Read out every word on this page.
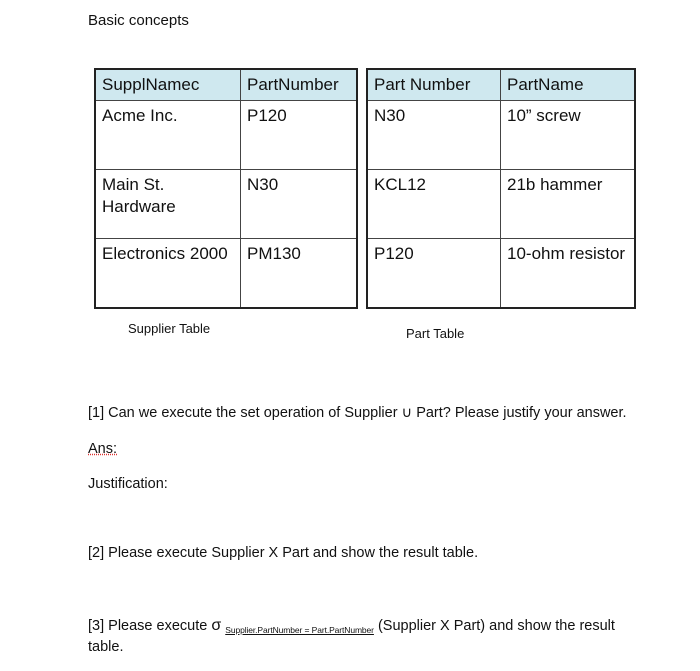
Basic concepts
SupplNamec	PartNumber
Acme Inc.	P120
Main St. Hardware	N30
Electronics 2000	PM130
Part Number	PartName
N30	10” screw
KCL12	21b hammer
P120	10-ohm resistor
Supplier Table	Part Table
[1] Can we execute the set operation of Supplier ∪ Part? Please justify your answer.
Ans:
Justification:
[2] Please execute Supplier X Part and show the result table.
[3] Please execute σ $_{Supplier.PartNumber = Part.PartNumber}$ (Supplier X Part) and show the result table.
